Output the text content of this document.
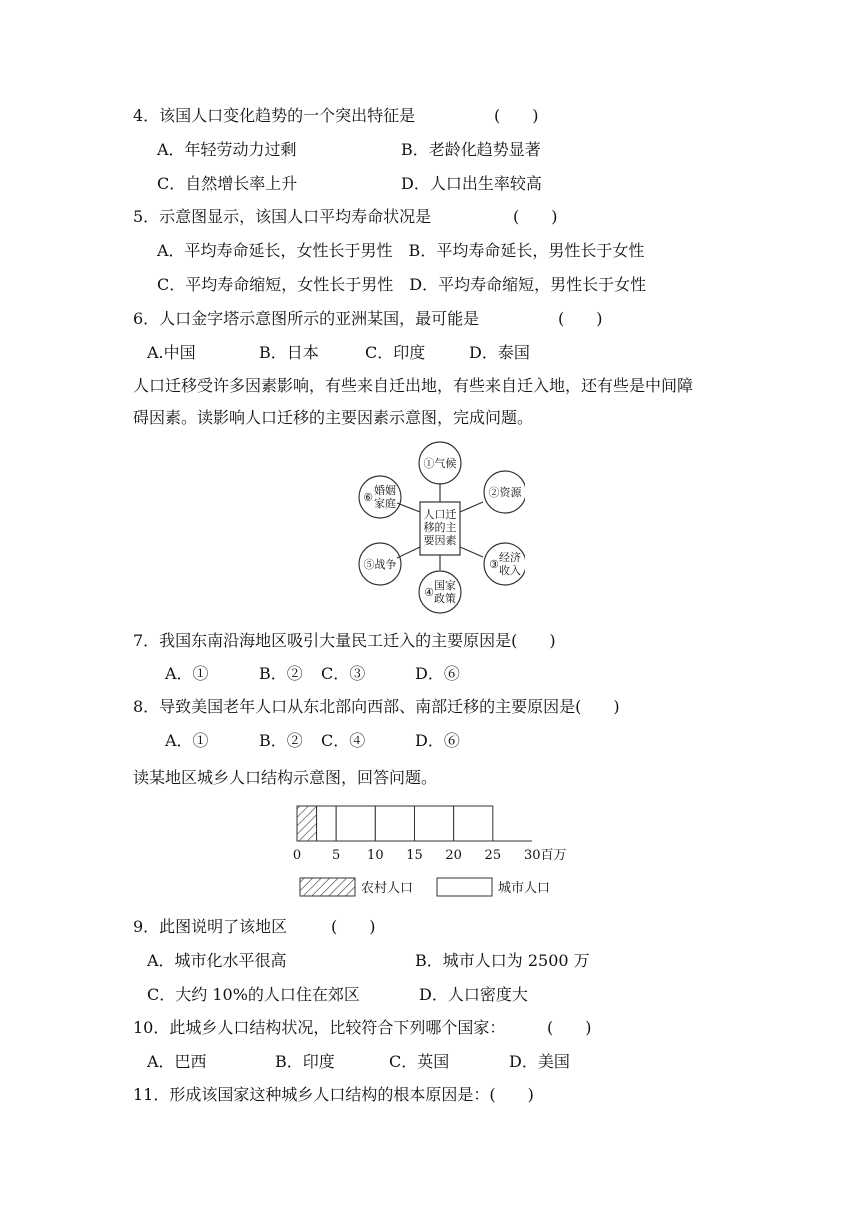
4．该国人口变化趋势的一个突出特征是	(　　)
A．年轻劳动力过剩	B．老龄化趋势显著
C．自然增长率上升	D．人口出生率较高
5．示意图显示，该国人口平均寿命状况是	(　　)
A．平均寿命延长，女性长于男性　B．平均寿命延长，男性长于女性
C．平均寿命缩短，女性长于男性　D．平均寿命缩短，男性长于女性
6．人口金字塔示意图所示的亚洲某国，最可能是	(　　)
A.中国	B．日本	C．印度	D．泰国
人口迁移受许多因素影响，有些来自迁出地，有些来自迁入地，还有些是中间障
碍因素。读影响人口迁移的主要因素示意图，完成问题。
人口迁
移的主
要因素
①气候
②资源
③
经济
收入
④
国家
政策
⑤战争
⑥
婚姻
家庭
7．我国东南沿海地区吸引大量民工迁入的主要原因是(　　)
A．①	B．② C．③	D．⑥
8．导致美国老年人口从东北部向西部、南部迁移的主要原因是(　　)
A．①	B．② C．④	D．⑥
读某地区城乡人口结构示意图，回答问题。
0 5 10 15 20 25 30百万
农村人口	城市人口
9．此图说明了该地区	(　　)
A．城市化水平很高	B．城市人口为 2500 万
C．大约 10%的人口住在郊区	D．人口密度大
10．此城乡人口结构状况，比较符合下列哪个国家：	(　　)
A．巴西	B．印度	C．英国	D．美国
11．形成该国家这种城乡人口结构的根本原因是：(　　)
